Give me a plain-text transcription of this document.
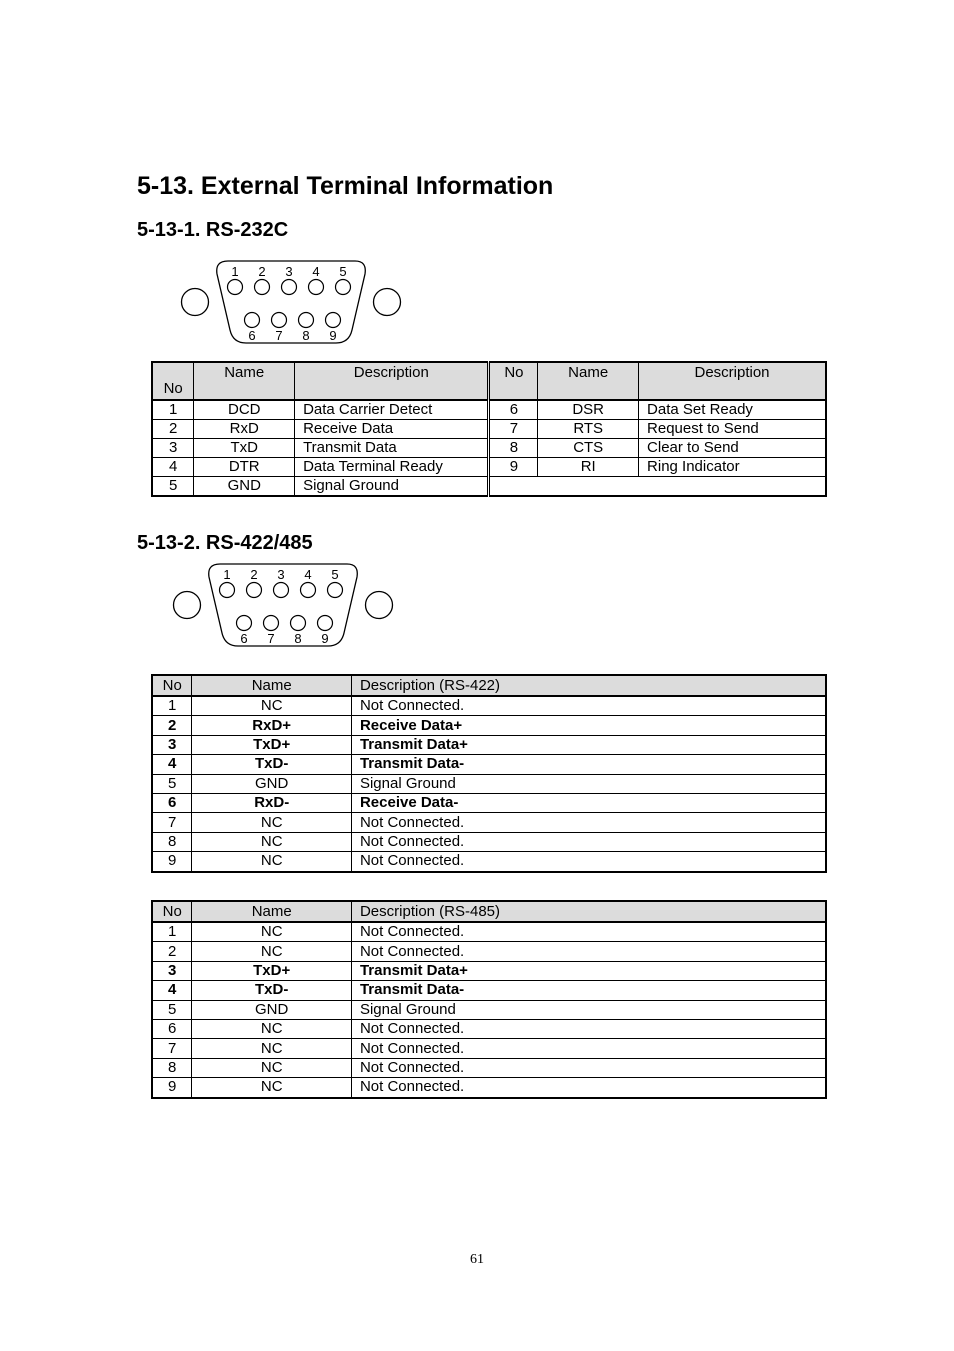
5-13. External Terminal Information
5-13-1. RS-232C
1 2 3 4 5
6 7 8 9
No	Name	Description	No	Name	Description
1	DCD	Data Carrier Detect	6	DSR	Data Set Ready
2	RxD	Receive Data	7	RTS	Request to Send
3	TxD	Transmit Data	8	CTS	Clear to Send
4	DTR	Data Terminal Ready	9	RI	Ring Indicator
5	GND	Signal Ground			
5-13-2. RS-422/485
1 2 3 4 5
6 7 8 9
No	Name	Description (RS-422)
1	NC	Not Connected.
2	RxD+	Receive Data+
3	TxD+	Transmit Data+
4	TxD-	Transmit Data-
5	GND	Signal Ground
6	RxD-	Receive Data-
7	NC	Not Connected.
8	NC	Not Connected.
9	NC	Not Connected.
No	Name	Description (RS-485)
1	NC	Not Connected.
2	NC	Not Connected.
3	TxD+	Transmit Data+
4	TxD-	Transmit Data-
5	GND	Signal Ground
6	NC	Not Connected.
7	NC	Not Connected.
8	NC	Not Connected.
9	NC	Not Connected.
61
